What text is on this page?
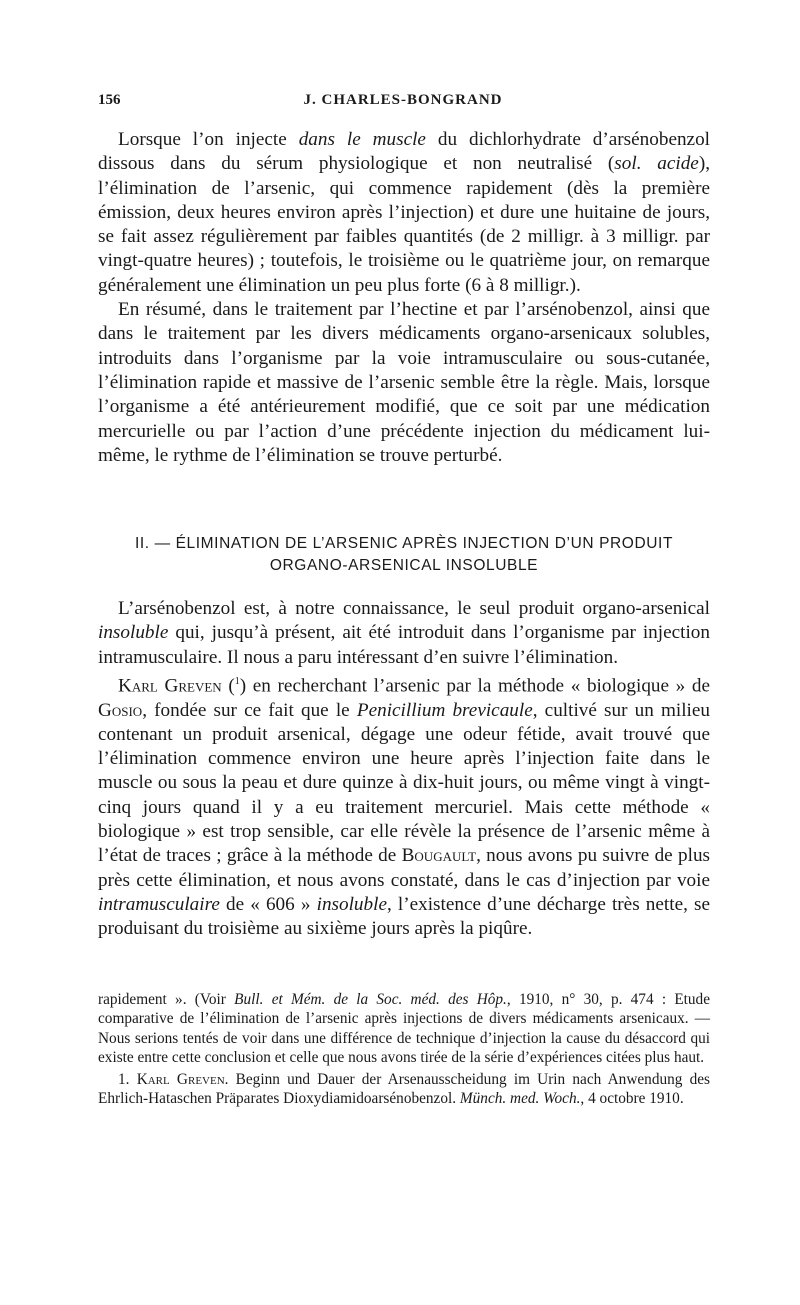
156	J. CHARLES-BONGRAND

Lorsque l’on injecte dans le muscle du dichlorhydrate d’arsénobenzol dissous dans du sérum physiologique et non neutralisé (sol. acide), l’élimination de l’arsenic, qui commence rapidement (dès la première émission, deux heures environ après l’injection) et dure une huitaine de jours, se fait assez régulièrement par faibles quantités (de 2 milligr. à 3 milligr. par vingt-quatre heures) ; toutefois, le troisième ou le quatrième jour, on remarque généralement une élimination un peu plus forte (6 à 8 milligr.).

En résumé, dans le traitement par l’hectine et par l’arsénobenzol, ainsi que dans le traitement par les divers médicaments organo-arsenicaux solubles, introduits dans l’organisme par la voie intramusculaire ou sous-cutanée, l’élimination rapide et massive de l’arsenic semble être la règle. Mais, lorsque l’organisme a été antérieurement modifié, que ce soit par une médication mercurielle ou par l’action d’une précédente injection du médicament lui-même, le rythme de l’élimination se trouve perturbé.

II. — ÉLIMINATION DE L’ARSENIC APRÈS INJECTION D’UN PRODUIT
ORGANO-ARSENICAL INSOLUBLE

L’arsénobenzol est, à notre connaissance, le seul produit organo-arsenical insoluble qui, jusqu’à présent, ait été introduit dans l’organisme par injection intramusculaire. Il nous a paru intéressant d’en suivre l’élimination.

Karl Greven ($^1$) en recherchant l’arsenic par la méthode « biologique » de Gosio, fondée sur ce fait que le Penicillium brevicaule, cultivé sur un milieu contenant un produit arsenical, dégage une odeur fétide, avait trouvé que l’élimination commence environ une heure après l’injection faite dans le muscle ou sous la peau et dure quinze à dix-huit jours, ou même vingt à vingt-cinq jours quand il y a eu traitement mercuriel. Mais cette méthode « biologique » est trop sensible, car elle révèle la présence de l’arsenic même à l’état de traces ; grâce à la méthode de Bougault, nous avons pu suivre de plus près cette élimination, et nous avons constaté, dans le cas d’injection par voie intramusculaire de « 606 » insoluble, l’existence d’une décharge très nette, se produisant du troisième au sixième jours après la piqûre.

rapidement ». (Voir Bull. et Mém. de la Soc. méd. des Hôp., 1910, n° 30, p. 474 : Etude comparative de l’élimination de l’arsenic après injections de divers médicaments arsenicaux. — Nous serions tentés de voir dans une différence de technique d’injection la cause du désaccord qui existe entre cette conclusion et celle que nous avons tirée de la série d’expériences citées plus haut.

1. Karl Greven. Beginn und Dauer der Arsenausscheidung im Urin nach Anwendung des Ehrlich-Hataschen Präparates Dioxydiamidoarsénobenzol. Münch. med. Woch., 4 octobre 1910.
